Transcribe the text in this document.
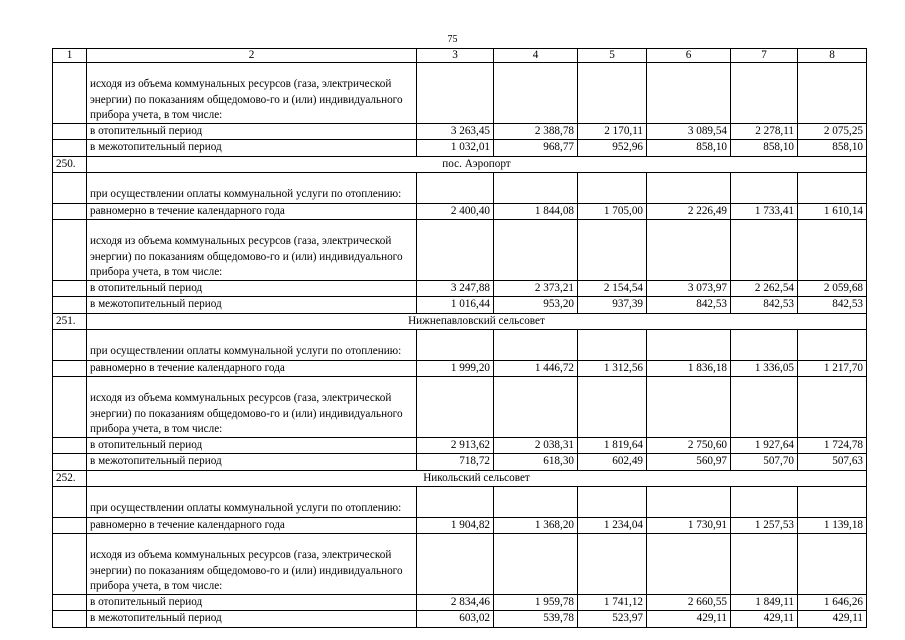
75
1	2	3	4	5	6	7	8
	исходя из объема коммунальных ресурсов (газа, электрической энергии) по показаниям общедомово-го и (или) индивидуального прибора учета, в том числе:						
	в отопительный период	3 263,45	2 388,78	2 170,11	3 089,54	2 278,11	2 075,25
	в межотопительный период	1 032,01	968,77	952,96	858,10	858,10	858,10
250.	пос. Аэропорт						
	при осуществлении оплаты коммунальной услуги по отоплению:						
	равномерно в течение календарного года	2 400,40	1 844,08	1 705,00	2 226,49	1 733,41	1 610,14
	исходя из объема коммунальных ресурсов (газа, электрической энергии) по показаниям общедомово-го и (или) индивидуального прибора учета, в том числе:						
	в отопительный период	3 247,88	2 373,21	2 154,54	3 073,97	2 262,54	2 059,68
	в межотопительный период	1 016,44	953,20	937,39	842,53	842,53	842,53
251.	Нижнепавловский сельсовет						
	при осуществлении оплаты коммунальной услуги по отоплению:						
	равномерно в течение календарного года	1 999,20	1 446,72	1 312,56	1 836,18	1 336,05	1 217,70
	исходя из объема коммунальных ресурсов (газа, электрической энергии) по показаниям общедомово-го и (или) индивидуального прибора учета, в том числе:						
	в отопительный период	2 913,62	2 038,31	1 819,64	2 750,60	1 927,64	1 724,78
	в межотопительный период	718,72	618,30	602,49	560,97	507,70	507,63
252.	Никольский сельсовет						
	при осуществлении оплаты коммунальной услуги по отоплению:						
	равномерно в течение календарного года	1 904,82	1 368,20	1 234,04	1 730,91	1 257,53	1 139,18
	исходя из объема коммунальных ресурсов (газа, электрической энергии) по показаниям общедомово-го и (или) индивидуального прибора учета, в том числе:						
	в отопительный период	2 834,46	1 959,78	1 741,12	2 660,55	1 849,11	1 646,26
	в межотопительный период	603,02	539,78	523,97	429,11	429,11	429,11
